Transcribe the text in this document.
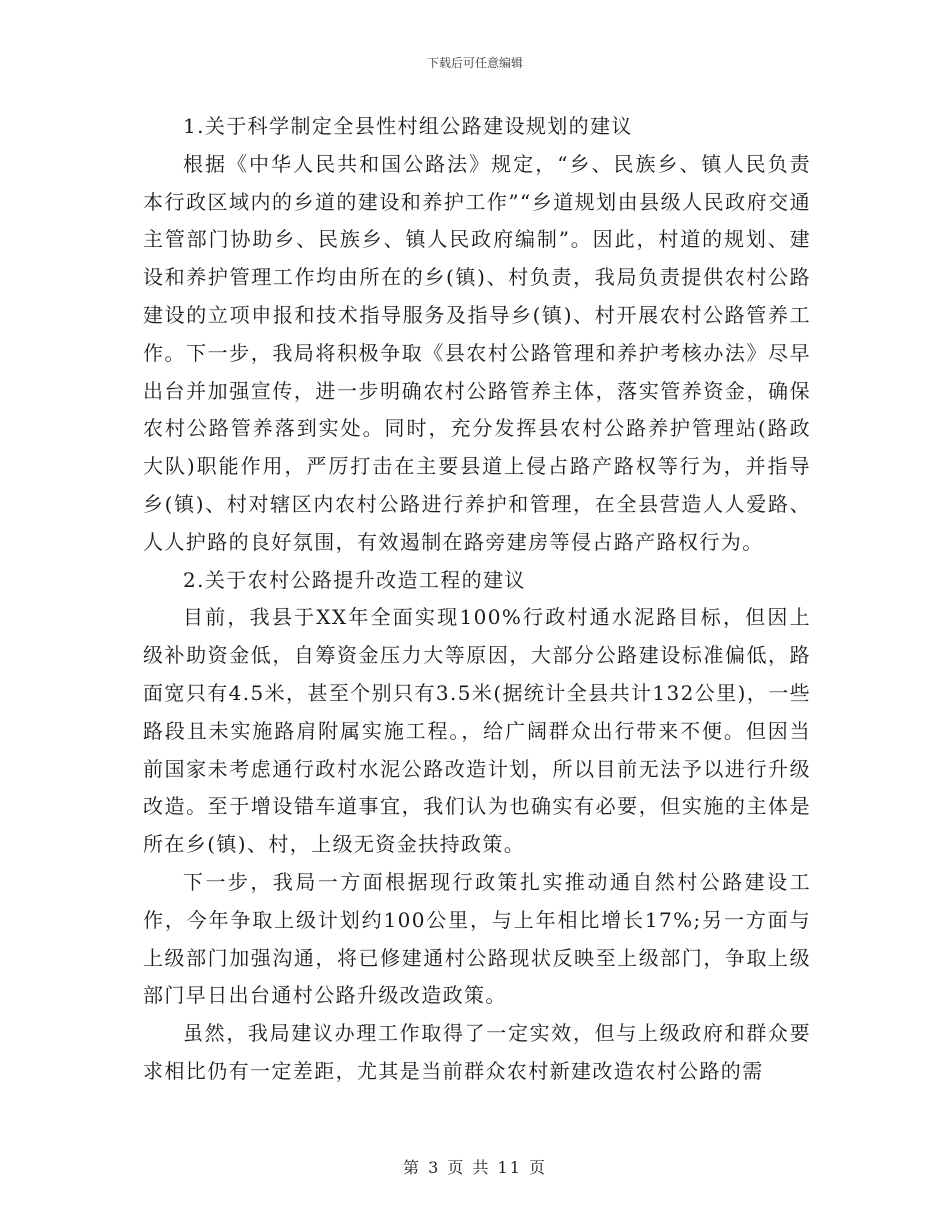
下载后可任意编辑

1.关于科学制定全县性村组公路建设规划的建议

根据《中华人民共和国公路法》规定，“乡、民族乡、镇人民负责本行政区域内的乡道的建设和养护工作”“乡道规划由县级人民政府交通主管部门协助乡、民族乡、镇人民政府编制”。因此，村道的规划、建设和养护管理工作均由所在的乡(镇)、村负责，我局负责提供农村公路建设的立项申报和技术指导服务及指导乡(镇)、村开展农村公路管养工作。下一步，我局将积极争取《县农村公路管理和养护考核办法》尽早出台并加强宣传，进一步明确农村公路管养主体，落实管养资金，确保农村公路管养落到实处。同时，充分发挥县农村公路养护管理站(路政大队)职能作用，严厉打击在主要县道上侵占路产路权等行为，并指导乡(镇)、村对辖区内农村公路进行养护和管理，在全县营造人人爱路、人人护路的良好氛围，有效遏制在路旁建房等侵占路产路权行为。

2.关于农村公路提升改造工程的建议

目前，我县于XX年全面实现100%行政村通水泥路目标，但因上级补助资金低，自筹资金压力大等原因，大部分公路建设标准偏低，路面宽只有4.5米，甚至个别只有3.5米(据统计全县共计132公里)，一些路段且未实施路肩附属实施工程。，给广阔群众出行带来不便。但因当前国家未考虑通行政村水泥公路改造计划，所以目前无法予以进行升级改造。至于增设错车道事宜，我们认为也确实有必要，但实施的主体是所在乡(镇)、村，上级无资金扶持政策。

下一步，我局一方面根据现行政策扎实推动通自然村公路建设工作，今年争取上级计划约100公里，与上年相比增长17%;另一方面与上级部门加强沟通，将已修建通村公路现状反映至上级部门，争取上级部门早日出台通村公路升级改造政策。

虽然，我局建议办理工作取得了一定实效，但与上级政府和群众要求相比仍有一定差距，尤其是当前群众农村新建改造农村公路的需

第 3 页 共 11 页
